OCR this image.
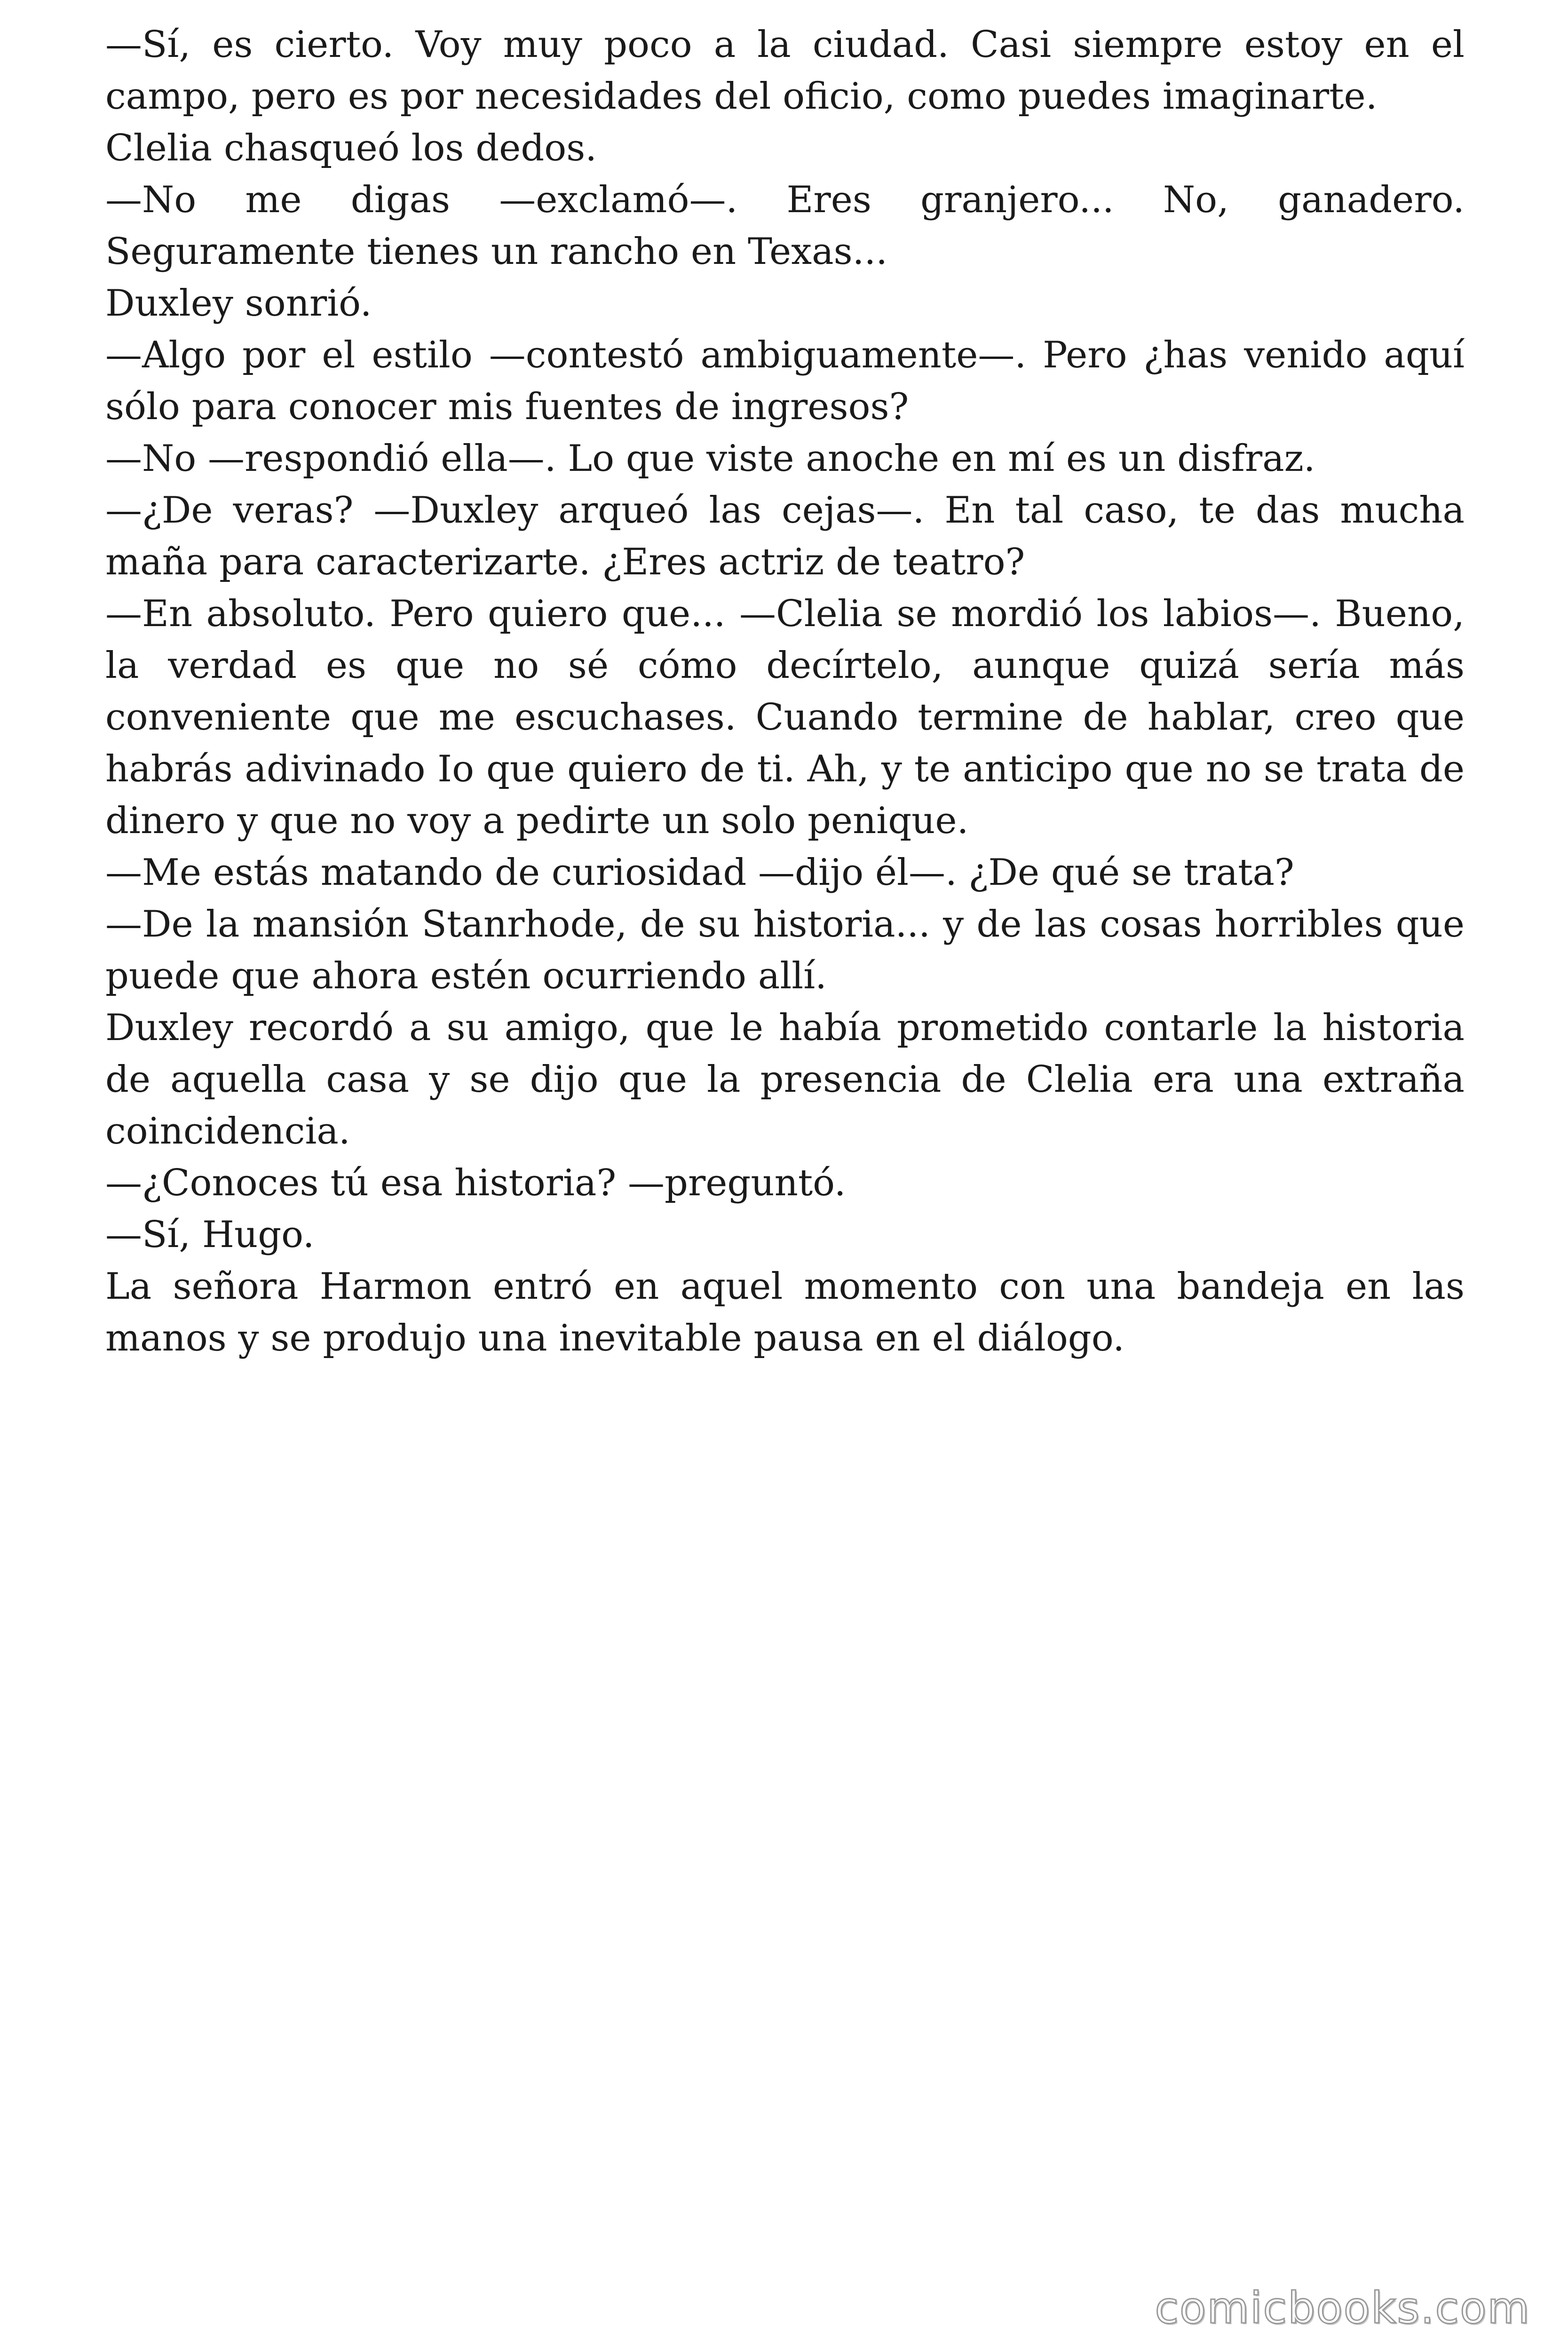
—Sí, es cierto. Voy muy poco a la ciudad. Casi siempre estoy en el campo, pero es por necesidades del oficio, como puedes imaginarte.

Clelia chasqueó los dedos.

—No me digas —exclamó—. Eres granjero... No, ganadero. Seguramente tienes un rancho en Texas...

Duxley sonrió.

—Algo por el estilo —contestó ambiguamente—. Pero ¿has venido aquí sólo para conocer mis fuentes de ingresos?

—No —respondió ella—. Lo que viste anoche en mí es un disfraz.

—¿De veras? —Duxley arqueó las cejas—. En tal caso, te das mucha maña para caracterizarte. ¿Eres actriz de teatro?

—En absoluto. Pero quiero que... —Clelia se mordió los labios—. Bueno, la verdad es que no sé cómo decírtelo, aunque quizá sería más conveniente que me escuchases. Cuando termine de hablar, creo que habrás adivinado Io que quiero de ti. Ah, y te anticipo que no se trata de dinero y que no voy a pedirte un solo penique.

—Me estás matando de curiosidad —dijo él—. ¿De qué se trata?

—De la mansión Stanrhode, de su historia... y de las cosas horribles que puede que ahora estén ocurriendo allí.

Duxley recordó a su amigo, que le había prometido contarle la historia de aquella casa y se dijo que la presencia de Clelia era una extraña coincidencia.

—¿Conoces tú esa historia? —preguntó.

—Sí, Hugo.

La señora Harmon entró en aquel momento con una bandeja en las manos y se produjo una inevitable pausa en el diálogo.

comicbooks.com
